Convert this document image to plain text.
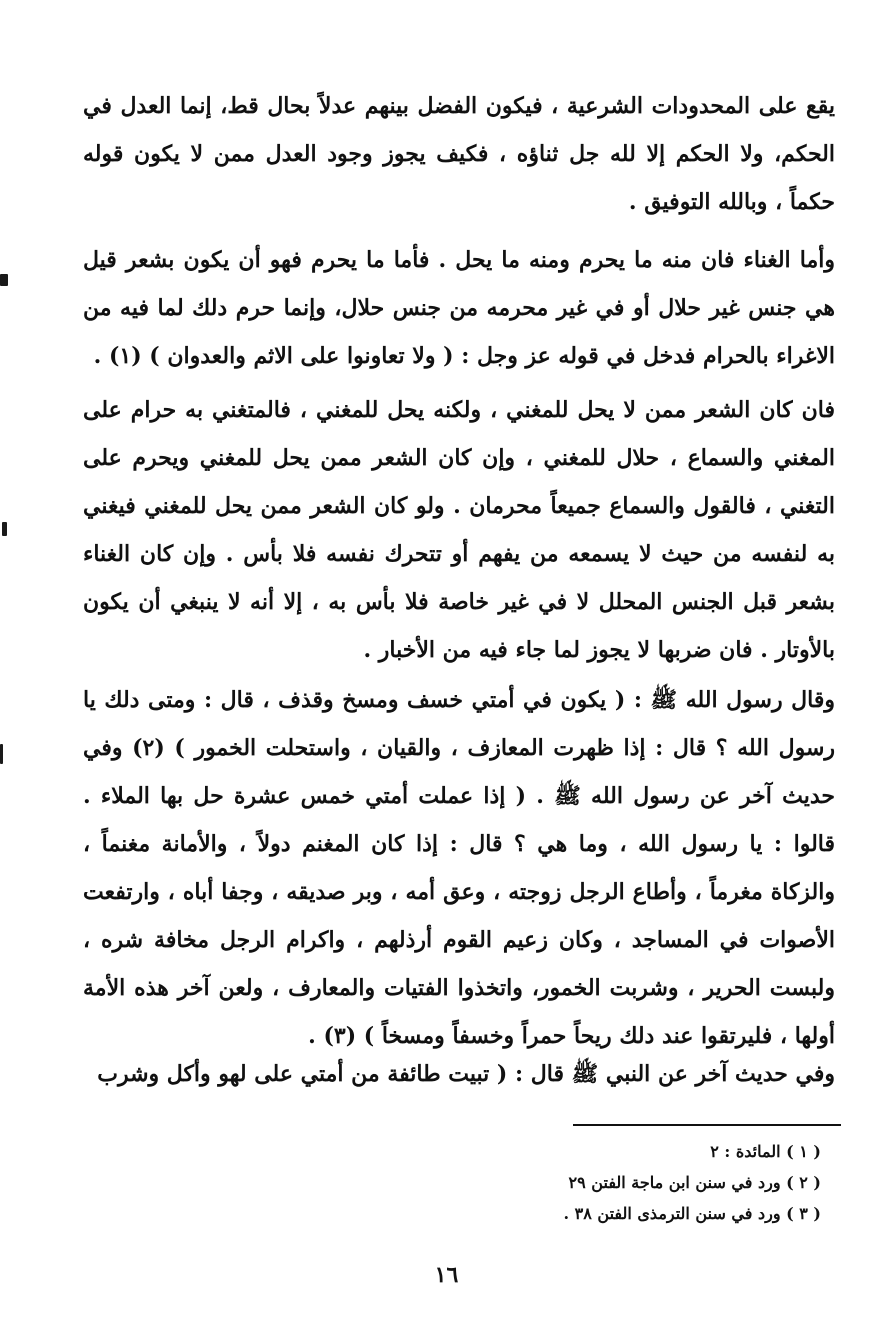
يقع على المحدودات الشرعية ، فيكون الفضل بينهم عدلاً بحال قط، إنما العدل في الحكم، ولا الحكم إلا لله جل ثناؤه ، فكيف يجوز وجود العدل ممن لا يكون قوله حكماً ، وبالله التوفيق .

وأما الغناء فان منه ما يحرم ومنه ما يحل . فأما ما يحرم فهو أن يكون بشعر قيل هي جنس غير حلال أو في غير محرمه من جنس حلال، وإنما حرم دلك لما فيه من الاغراء بالحرام فدخل في قوله عز وجل : ( ولا تعاونوا على الاثم والعدوان ) (١) .

فان كان الشعر ممن لا يحل للمغني ، ولكنه يحل للمغني ، فالمتغني به حرام على المغني والسماع ، حلال للمغني ، وإن كان الشعر ممن يحل للمغني ويحرم على التغني ، فالقول والسماع جميعاً محرمان . ولو كان الشعر ممن يحل للمغني فيغني به لنفسه من حيث لا يسمعه من يفهم أو تتحرك نفسه فلا بأس . وإن كان الغناء بشعر قبل الجنس المحلل لا في غير خاصة فلا بأس به ، إلا أنه لا ينبغي أن يكون بالأوتار . فان ضربها لا يجوز لما جاء فيه من الأخبار .

وقال رسول الله ﷺ : ( يكون في أمتي خسف ومسخ وقذف ، قال : ومتى دلك يا رسول الله ؟ قال : إذا ظهرت المعازف ، والقيان ، واستحلت الخمور ) (٢) وفي حديث آخر عن رسول الله ﷺ . ( إذا عملت أمتي خمس عشرة حل بها الملاء . قالوا : يا رسول الله ، وما هي ؟ قال : إذا كان المغنم دولاً ، والأمانة مغنماً ، والزكاة مغرماً ، وأطاع الرجل زوجته ، وعق أمه ، وبر صديقه ، وجفا أباه ، وارتفعت الأصوات في المساجد ، وكان زعيم القوم أرذلهم ، واكرام الرجل مخافة شره ، ولبست الحرير ، وشربت الخمور، واتخذوا الفتيات والمعارف ، ولعن آخر هذه الأمة أولها ، فليرتقوا عند دلك ريحاً حمراً وخسفاً ومسخاً ) (٣) .

وفي حديث آخر عن النبي ﷺ قال : ( تبيت طائفة من أمتي على لهو وأكل وشرب

( ١ ) المائدة : ٢
( ٢ ) ورد في سنن ابن ماجة الفتن ٢٩
( ٣ ) ورد في سنن الترمذى الفتن ٣٨ .
١٦
